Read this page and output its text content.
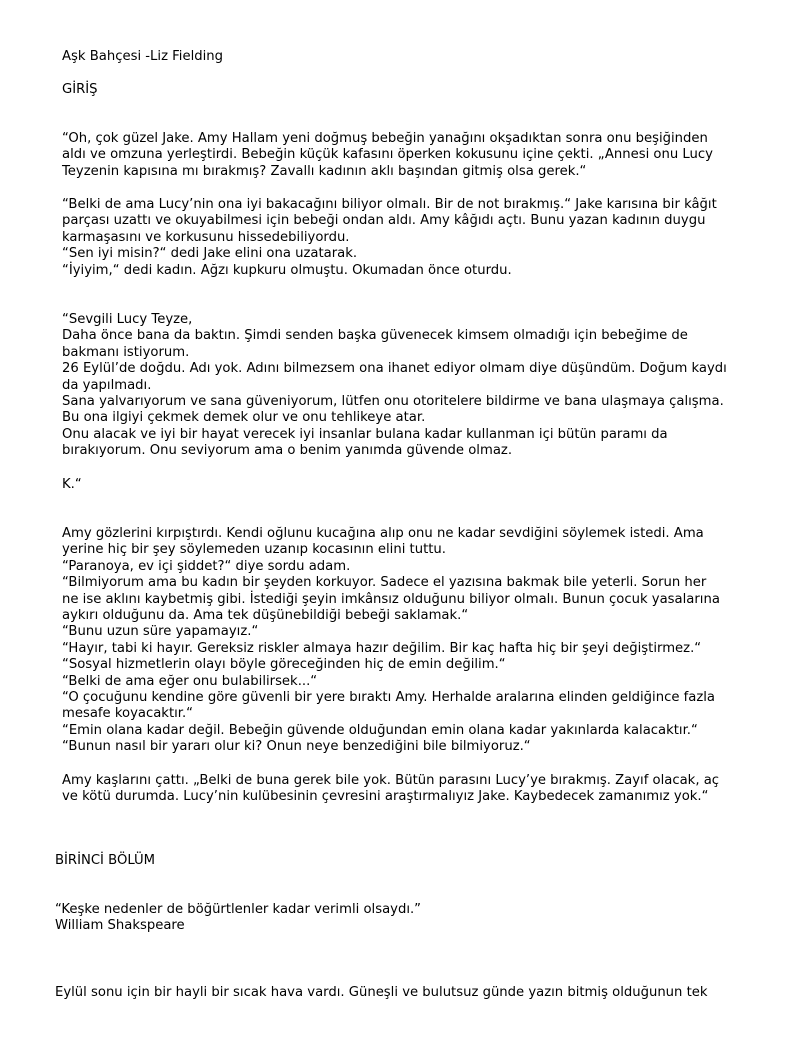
Aşk Bahçesi -Liz Fielding

GİRİŞ

“Oh, çok güzel Jake. Amy Hallam yeni doğmuş bebeğin yanağını okşadıktan sonra onu beşiğinden
aldı ve omzuna yerleştirdi. Bebeğin küçük kafasını öperken kokusunu içine çekti. „Annesi onu Lucy
Teyzenin kapısına mı bırakmış? Zavallı kadının aklı başından gitmiş olsa gerek.“

“Belki de ama Lucy’nin ona iyi bakacağını biliyor olmalı. Bir de not bırakmış.“ Jake karısına bir kâğıt
parçası uzattı ve okuyabilmesi için bebeği ondan aldı. Amy kâğıdı açtı. Bunu yazan kadının duygu
karmaşasını ve korkusunu hissedebiliyordu.
“Sen iyi misin?“ dedi Jake elini ona uzatarak.
“İyiyim,“ dedi kadın. Ağzı kupkuru olmuştu. Okumadan önce oturdu.

“Sevgili Lucy Teyze,
Daha önce bana da baktın. Şimdi senden başka güvenecek kimsem olmadığı için bebeğime de
bakmanı istiyorum.
26 Eylül’de doğdu. Adı yok. Adını bilmezsem ona ihanet ediyor olmam diye düşündüm. Doğum kaydı
da yapılmadı.
Sana yalvarıyorum ve sana güveniyorum, lütfen onu otoritelere bildirme ve bana ulaşmaya çalışma.
Bu ona ilgiyi çekmek demek olur ve onu tehlikeye atar.
Onu alacak ve iyi bir hayat verecek iyi insanlar bulana kadar kullanman içi bütün paramı da
bırakıyorum. Onu seviyorum ama o benim yanımda güvende olmaz.

K.“

Amy gözlerini kırpıştırdı. Kendi oğlunu kucağına alıp onu ne kadar sevdiğini söylemek istedi. Ama
yerine hiç bir şey söylemeden uzanıp kocasının elini tuttu.
“Paranoya, ev içi şiddet?“ diye sordu adam.
“Bilmiyorum ama bu kadın bir şeyden korkuyor. Sadece el yazısına bakmak bile yeterli. Sorun her
ne ise aklını kaybetmiş gibi. İstediği şeyin imkânsız olduğunu biliyor olmalı. Bunun çocuk yasalarına
aykırı olduğunu da. Ama tek düşünebildiği bebeği saklamak.“
“Bunu uzun süre yapamayız.“
“Hayır, tabi ki hayır. Gereksiz riskler almaya hazır değilim. Bir kaç hafta hiç bir şeyi değiştirmez.“
“Sosyal hizmetlerin olayı böyle göreceğinden hiç de emin değilim.“
“Belki de ama eğer onu bulabilirsek...“
“O çocuğunu kendine göre güvenli bir yere bıraktı Amy. Herhalde aralarına elinden geldiğince fazla
mesafe koyacaktır.“
“Emin olana kadar değil. Bebeğin güvende olduğundan emin olana kadar yakınlarda kalacaktır.“
“Bunun nasıl bir yararı olur ki? Onun neye benzediğini bile bilmiyoruz.“

Amy kaşlarını çattı. „Belki de buna gerek bile yok. Bütün parasını Lucy’ye bırakmış. Zayıf olacak, aç
ve kötü durumda. Lucy’nin kulübesinin çevresini araştırmalıyız Jake. Kaybedecek zamanımız yok.“

BİRİNCİ BÖLÜM

“Keşke nedenler de böğürtlenler kadar verimli olsaydı.”
William Shakspeare

Eylül sonu için bir hayli bir sıcak hava vardı. Güneşli ve bulutsuz günde yazın bitmiş olduğunun tek
